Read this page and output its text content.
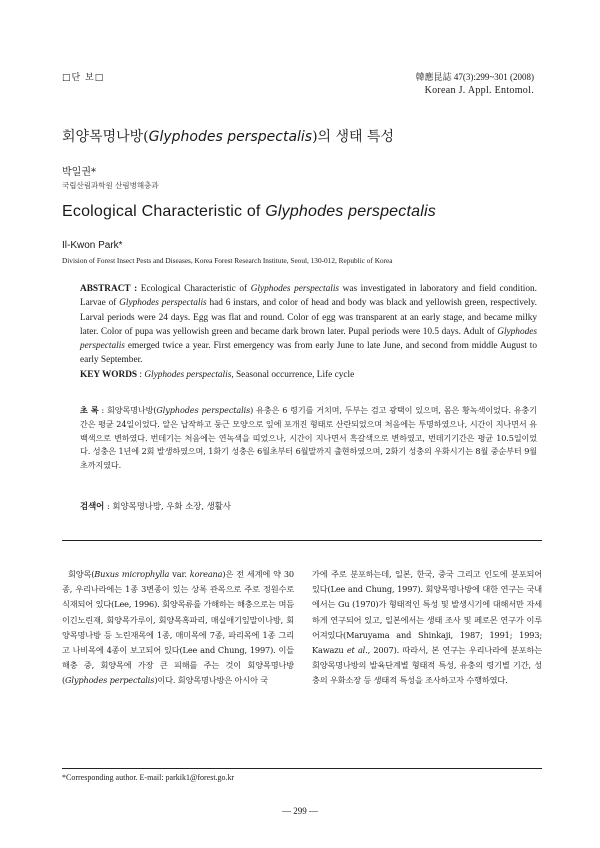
□단 보□	韓應昆誌 47(3):299~301 (2008)
Korean J. Appl. Entomol.
회양목명나방(Glyphodes perspectalis)의 생태 특성
박일권*
국립산림과학원 산림병해충과
Ecological Characteristic of Glyphodes perspectalis
Il-Kwon Park*
Division of Forest Insect Pests and Diseases, Korea Forest Research Institute, Seoul, 130-012, Republic of Korea
ABSTRACT : Ecological Characteristic of Glyphodes perspectalis was investigated in laboratory and field condition. Larvae of Glyphodes perspectalis had 6 instars, and color of head and body was black and yellowish green, respectively. Larval periods were 24 days. Egg was flat and round. Color of egg was transparent at an early stage, and became milky later. Color of pupa was yellowish green and became dark brown later. Pupal periods were 10.5 days. Adult of Glyphodes perspectalis emerged twice a year. First emergency was from early June to late June, and second from middle August to early September.
KEY WORDS : Glyphodes perspectalis, Seasonal occurrence, Life cycle
초 록 : 회양목명나방(Glyphodes perspectalis) 유충은 6 령기를 거치며, 두부는 검고 광택이 있으며, 몸은 황녹색이었다. 유충기간은 평균 24일이었다. 알은 납작하고 둥근 모양으로 잎에 포개진 형태로 산란되었으며 처음에는 투명하였으나, 시간이 지나면서 유백색으로 변하였다. 번데기는 처음에는 연녹색을 띠었으나, 시간이 지나면서 흑갈색으로 변하였고, 번데기기간은 평균 10.5일이었다. 성충은 1년에 2회 발생하였으며, 1화기 성충은 6월초부터 6월말까지 출현하였으며, 2화기 성충의 우화시기는 8월 중순부터 9월초까지였다.
검색어 : 회양목명나방, 우화 소장, 생활사
회양목(Buxus microphylla var. koreana)은 전 세계에 약 30종, 우리나라에는 1종 3변종이 있는 상록 관목으로 주로 정원수로 식재되어 있다(Lee, 1996). 회양목류를 가해하는 해충으로는 며듬이긴노린재, 회양목가루이, 회양목혹파리, 매실애기잎말이나방, 회양목명나방 등 노린재목에 1종, 매미목에 7종, 파리목에 1종 그리고 나비목에 4종이 보고되어 있다(Lee and Chung, 1997). 이들 해충 중, 회양목에 가장 큰 피해를 주는 것이 회양목명나방 (Glyphodes perpectalis)이다. 회양목명나방은 아시아 국
가에 주로 분포하는데, 일본, 한국, 중국 그리고 인도에 분포되어 있다(Lee and Chung, 1997). 회양목명나방에 대한 연구는 국내에서는 Gu (1970)가 형태적인 특성 및 발생시기에 대해서만 자세하게 연구되어 있고, 일본에서는 생태 조사 및 페로몬 연구가 이루어져있다(Maruyama and Shinkaji, 1987; 1991; 1993; Kawazu et al., 2007). 따라서, 본 연구는 우리나라에 분포하는 회양목명나방의 발육단계별 형태적 특성, 유충의 령기별 기간, 성충의 우화소장 등 생태적 특성을 조사하고자 수행하였다.
*Corresponding author. E-mail: parkik1@forest.go.kr
— 299 —
